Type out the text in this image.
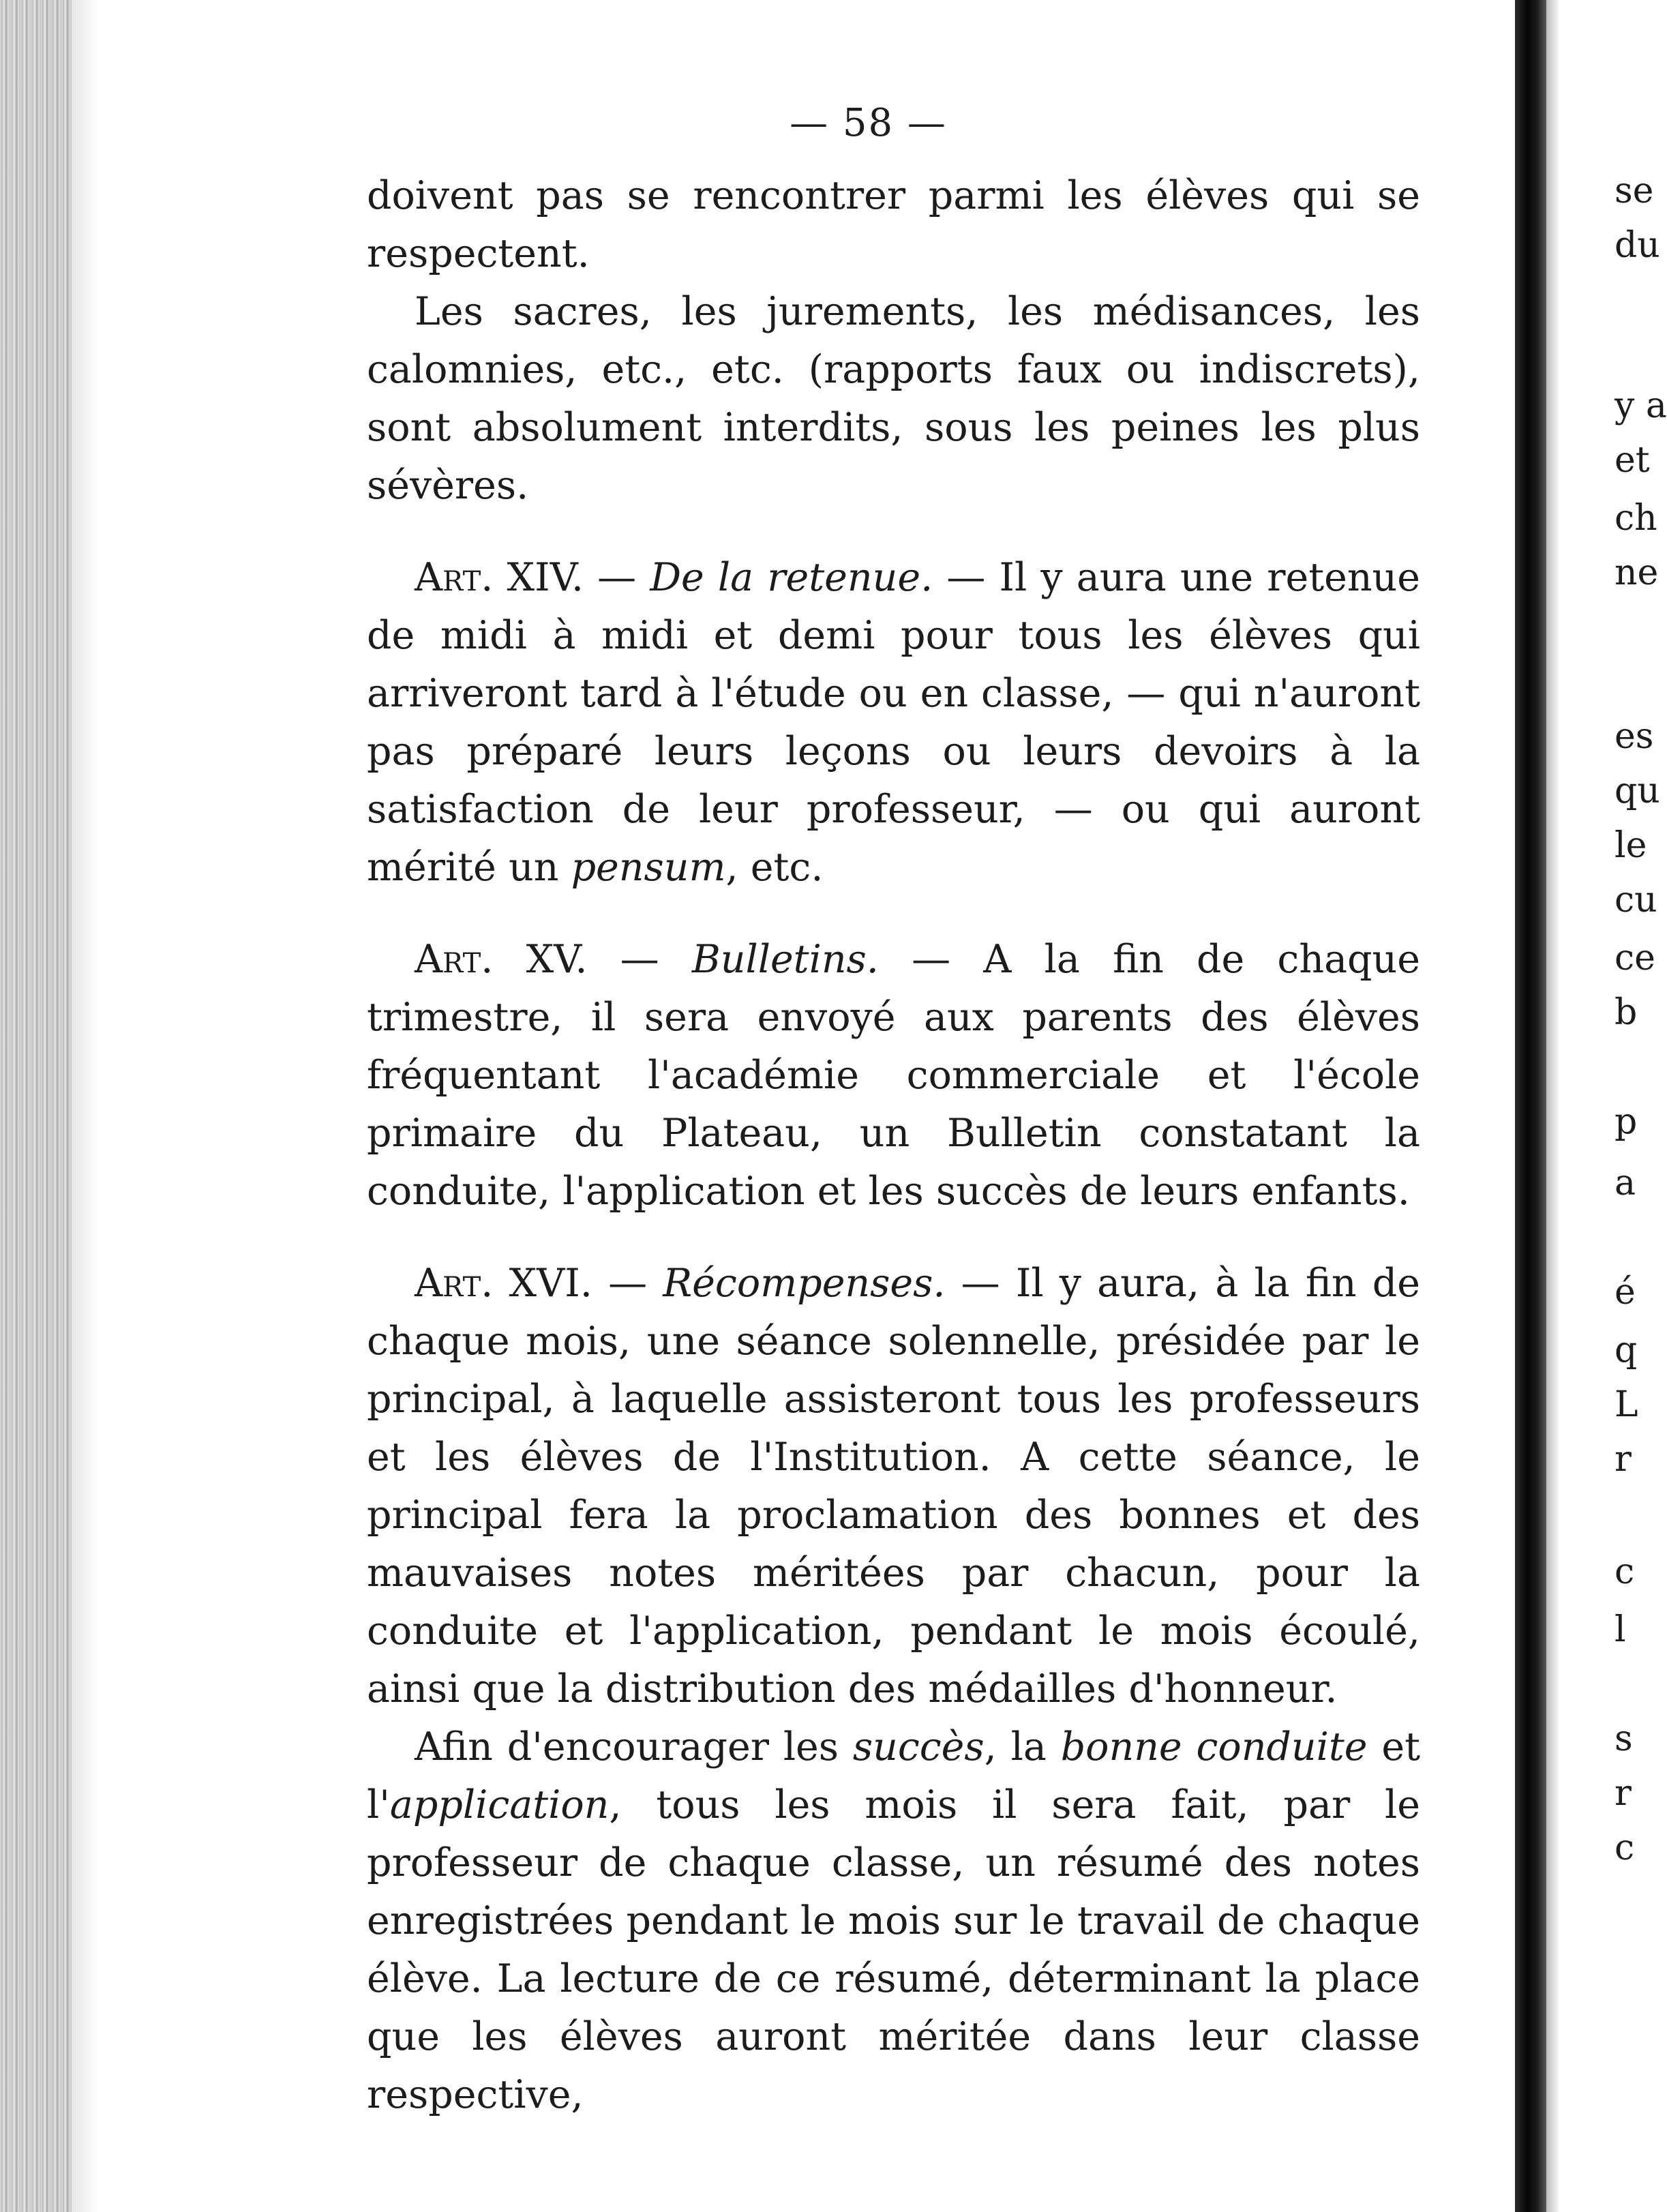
— 58 —

doivent pas se rencontrer parmi les élèves qui se respectent.

Les sacres, les jurements, les médisances, les calomnies, etc., etc. (rapports faux ou indiscrets), sont absolument interdits, sous les peines les plus sévères.

Art. XIV. — De la retenue. — Il y aura une retenue de midi à midi et demi pour tous les élèves qui arriveront tard à l'étude ou en classe, — qui n'auront pas préparé leurs leçons ou leurs devoirs à la satisfaction de leur professeur, — ou qui auront mérité un pensum, etc.

Art. XV. — Bulletins. — A la fin de chaque trimestre, il sera envoyé aux parents des élèves fréquentant l'académie commerciale et l'école primaire du Plateau, un Bulletin constatant la conduite, l'application et les succès de leurs enfants.

Art. XVI. — Récompenses. — Il y aura, à la fin de chaque mois, une séance solennelle, présidée par le principal, à laquelle assisteront tous les professeurs et les élèves de l'Institution. A cette séance, le principal fera la proclamation des bonnes et des mauvaises notes méritées par chacun, pour la conduite et l'application, pendant le mois écoulé, ainsi que la distribution des médailles d'honneur.

Afin d'encourager les succès, la bonne conduite et l'application, tous les mois il sera fait, par le professeur de chaque classe, un résumé des notes enregistrées pendant le mois sur le travail de chaque élève. La lecture de ce résumé, déterminant la place que les élèves auront méritée dans leur classe respective,

se
du
y a
et
ch
ne
es
qu
le
cu
ce
b
p
a
é
q
L
r
c
l
s
r
c
